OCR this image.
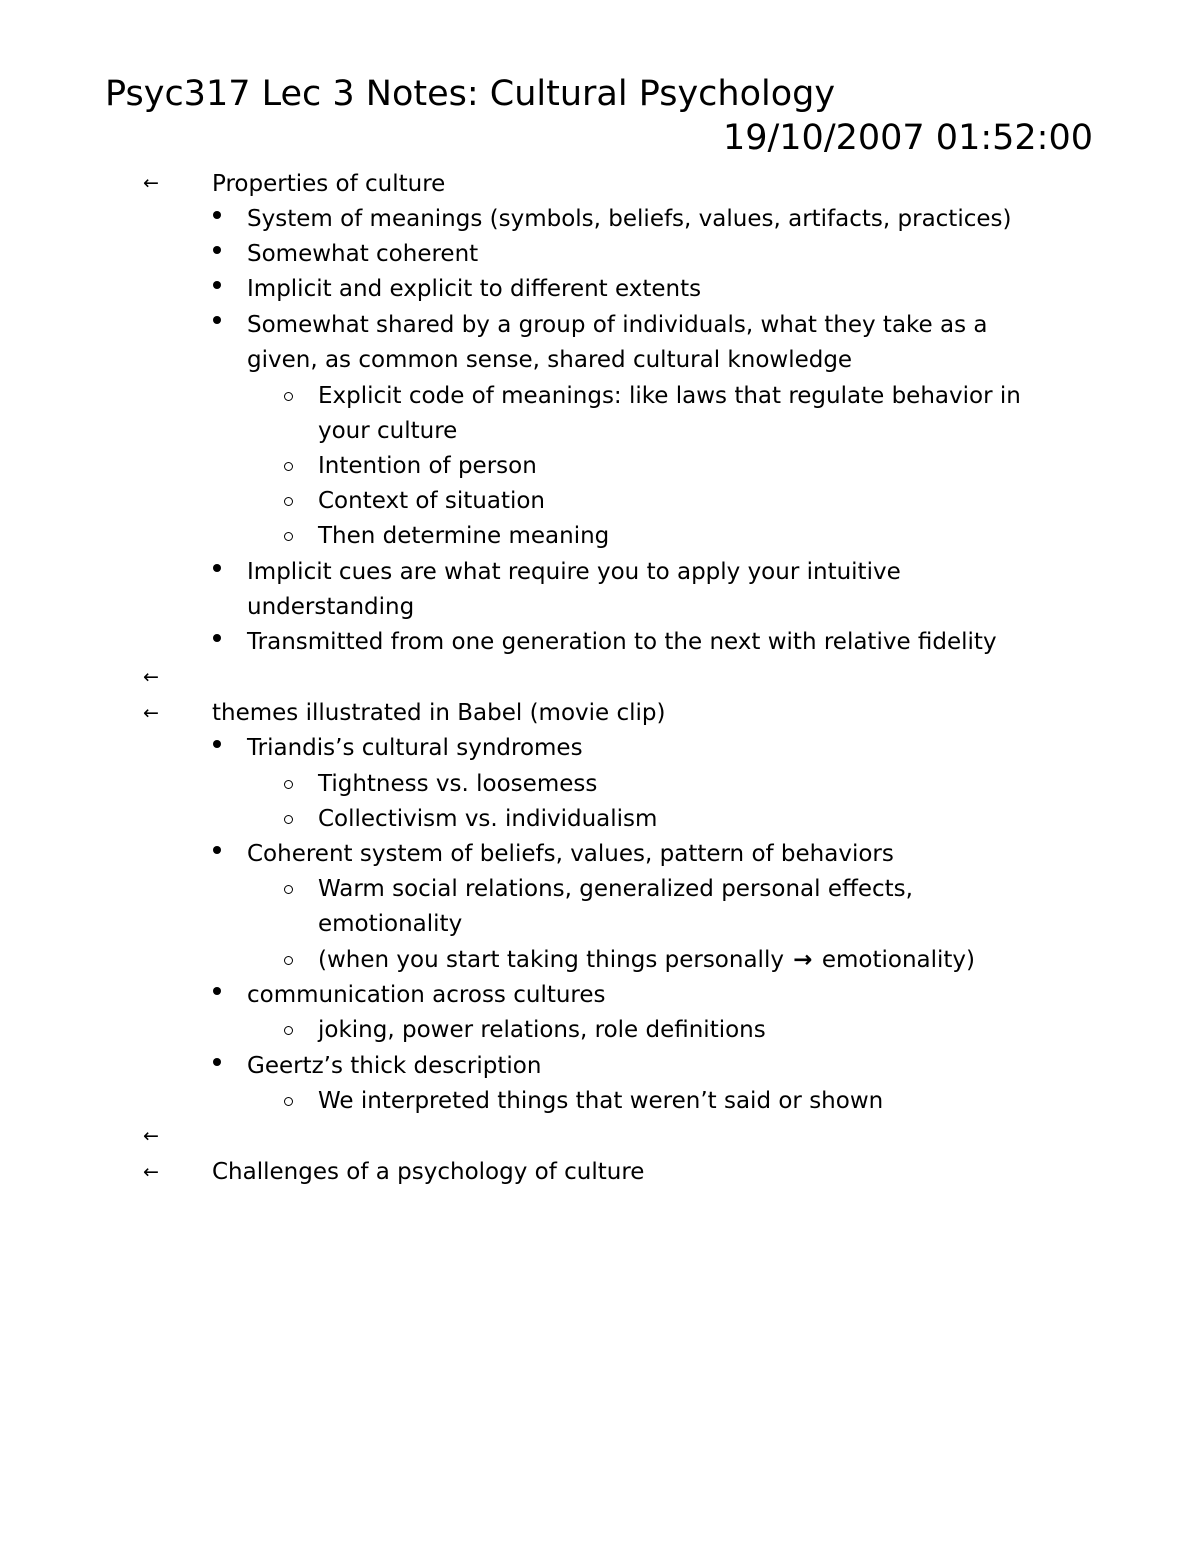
Psyc317 Lec 3 Notes: Cultural Psychology
19/10/2007 01:52:00
← Properties of culture
System of meanings (symbols, beliefs, values, artifacts, practices)
Somewhat coherent
Implicit and explicit to different extents
Somewhat shared by a group of individuals, what they take as a
given, as common sense, shared cultural knowledge
Explicit code of meanings: like laws that regulate behavior in
your culture
Intention of person
Context of situation
Then determine meaning
Implicit cues are what require you to apply your intuitive
understanding
Transmitted from one generation to the next with relative fidelity
←
← themes illustrated in Babel (movie clip)
Triandis’s cultural syndromes
Tightness vs. loosemess
Collectivism vs. individualism
Coherent system of beliefs, values, pattern of behaviors
Warm social relations, generalized personal effects,
emotionality
(when you start taking things personally → emotionality)
communication across cultures
joking, power relations, role definitions
Geertz’s thick description
We interpreted things that weren’t said or shown
←
← Challenges of a psychology of culture
